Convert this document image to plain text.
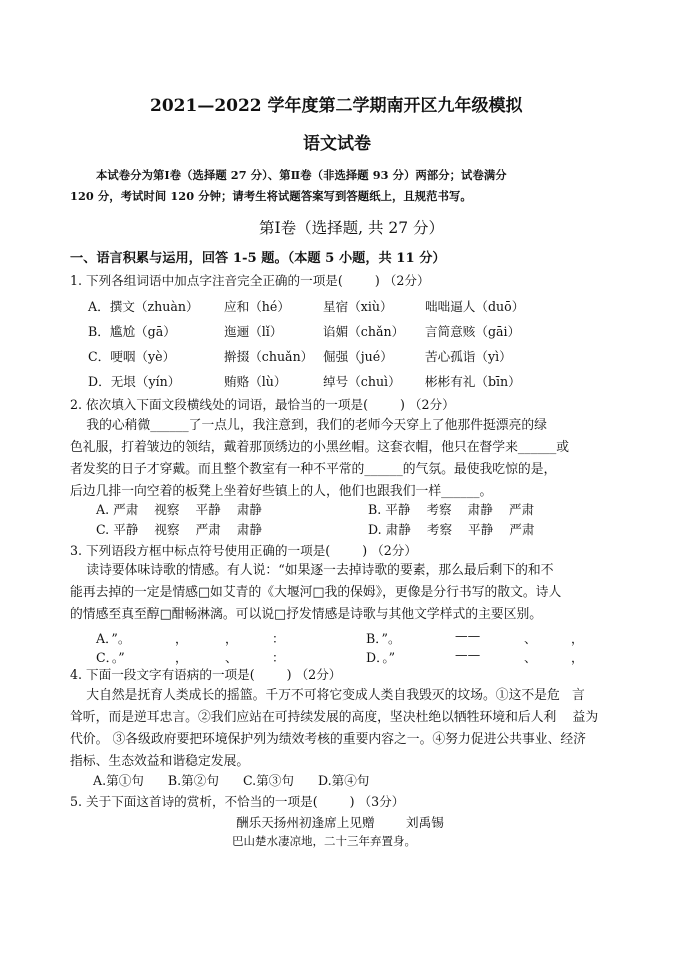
2021—2022 学年度第二学期南开区九年级模拟
语文试卷
本试卷分为第Ⅰ卷（选择题 27 分）、第Ⅱ卷（非选择题 93 分）两部分；试卷满分
120 分，考试时间 120 分钟；请考生将试题答案写到答题纸上，且规范书写。
第Ⅰ卷（选择题, 共 27 分）
一、语言积累与运用，回答 1-5 题。（本题 5 小题，共 11 分）
1. 下列各组词语中加点字注音完全正确的一项是(        ) （2分）
A．撰文（zhuàn） 应和（hé）	星宿（xiù）	咄咄逼人（duō）
B．尴尬（gā）	迤逦（lǐ）	谄媚（chǎn） 言简意赅（gāi）
C．哽咽（yè）	擀掇（chuǎn） 倔强（jué）	苦心孤诣（yì）
D．无垠（yín）	贿赂（lù）	绰号（chuì） 彬彬有礼（bīn）
2. 依次填入下面文段横线处的词语，最恰当的一项是(        ) （2分）
我的心稍微______了一点儿，我注意到，我们的老师今天穿上了他那件挺漂亮的绿
色礼服，打着皱边的领结，戴着那顶绣边的小黑丝帽。这套衣帽，他只在督学来______或
者发奖的日子才穿戴。而且整个教室有一种不平常的______的气氛。最使我吃惊的是，
后边几排一向空着的板凳上坐着好些镇上的人，他们也跟我们一样______。
A. 严肃    视察    平静    肃静	B. 平静    考察    肃静    严肃
C. 平静    视察    严肃    肃静	D. 肃静    考察    平静    严肃
3. 下列语段方框中标点符号使用正确的一项是(        ) （2分）
读诗要体味诗歌的情感。有人说：“如果逐一去掉诗歌的要素，那么最后剩下的和不
能再去掉的一定是情感□如艾青的《大堰河□我的保姆》，更像是分行书写的散文。诗人
的情感至真至醇□酣畅淋漓。可以说□抒发情感是诗歌与其他文学样式的主要区别。
A．”。	，	，	：	B．”。	——	、	，
C．。”	，	、	：	D．。”	——	、	，
4. 下面一段文字有语病的一项是(        ) （2分）
大自然是抚育人类成长的摇篮。千万不可将它变成人类自我毁灭的坟场。①这不是危   言
耸听，而是逆耳忠言。②我们应站在可持续发展的高度，坚决杜绝以牺牲环境和后人利    益为
代价。 ③各级政府要把环境保护列为绩效考核的重要内容之一。④努力促进公共事业、经济
指标、生态效益和谐稳定发展。
A.第①句      B.第②句      C.第③句      D.第④句
5. 关于下面这首诗的赏析，不恰当的一项是(        ) （3分）
酬乐天扬州初逢席上见赠 刘禹锡
巴山楚水凄凉地，二十三年弃置身。
